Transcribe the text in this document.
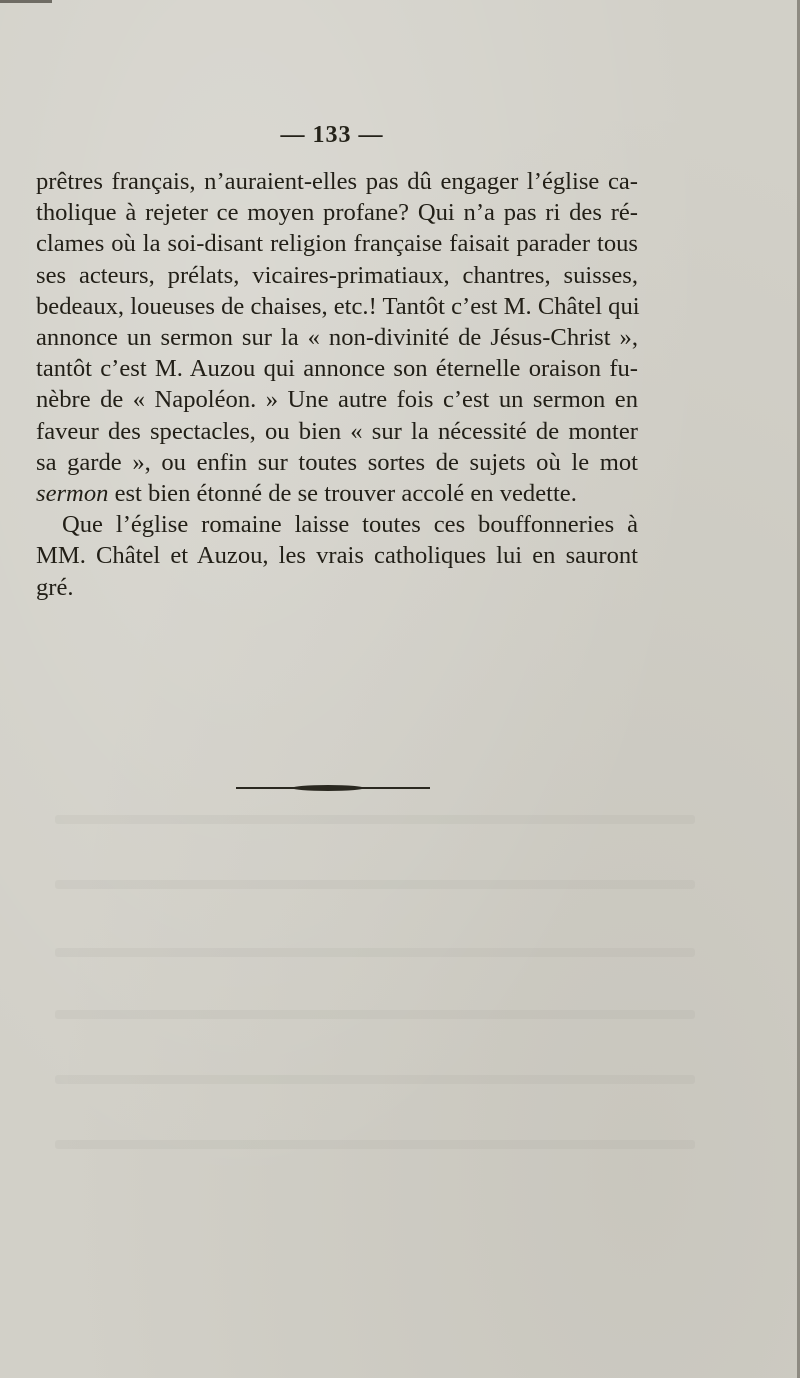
— 133 —
prêtres français, n’auraient-elles pas dû engager l’église ca-
tholique à rejeter ce moyen profane? Qui n’a pas ri des ré-
clames où la soi-disant religion française faisait parader tous
ses acteurs, prélats, vicaires-primatiaux, chantres, suisses,
bedeaux, loueuses de chaises, etc.! Tantôt c’est M. Châtel qui
annonce un sermon sur la « non-divinité de Jésus-Christ »,
tantôt c’est M. Auzou qui annonce son éternelle oraison fu-
nèbre de « Napoléon. » Une autre fois c’est un sermon en
faveur des spectacles, ou bien « sur la nécessité de monter
sa garde », ou enfin sur toutes sortes de sujets où le mot
sermon est bien étonné de se trouver accolé en vedette.
Que l’église romaine laisse toutes ces bouffonneries à
MM. Châtel et Auzou, les vrais catholiques lui en sauront
gré.
